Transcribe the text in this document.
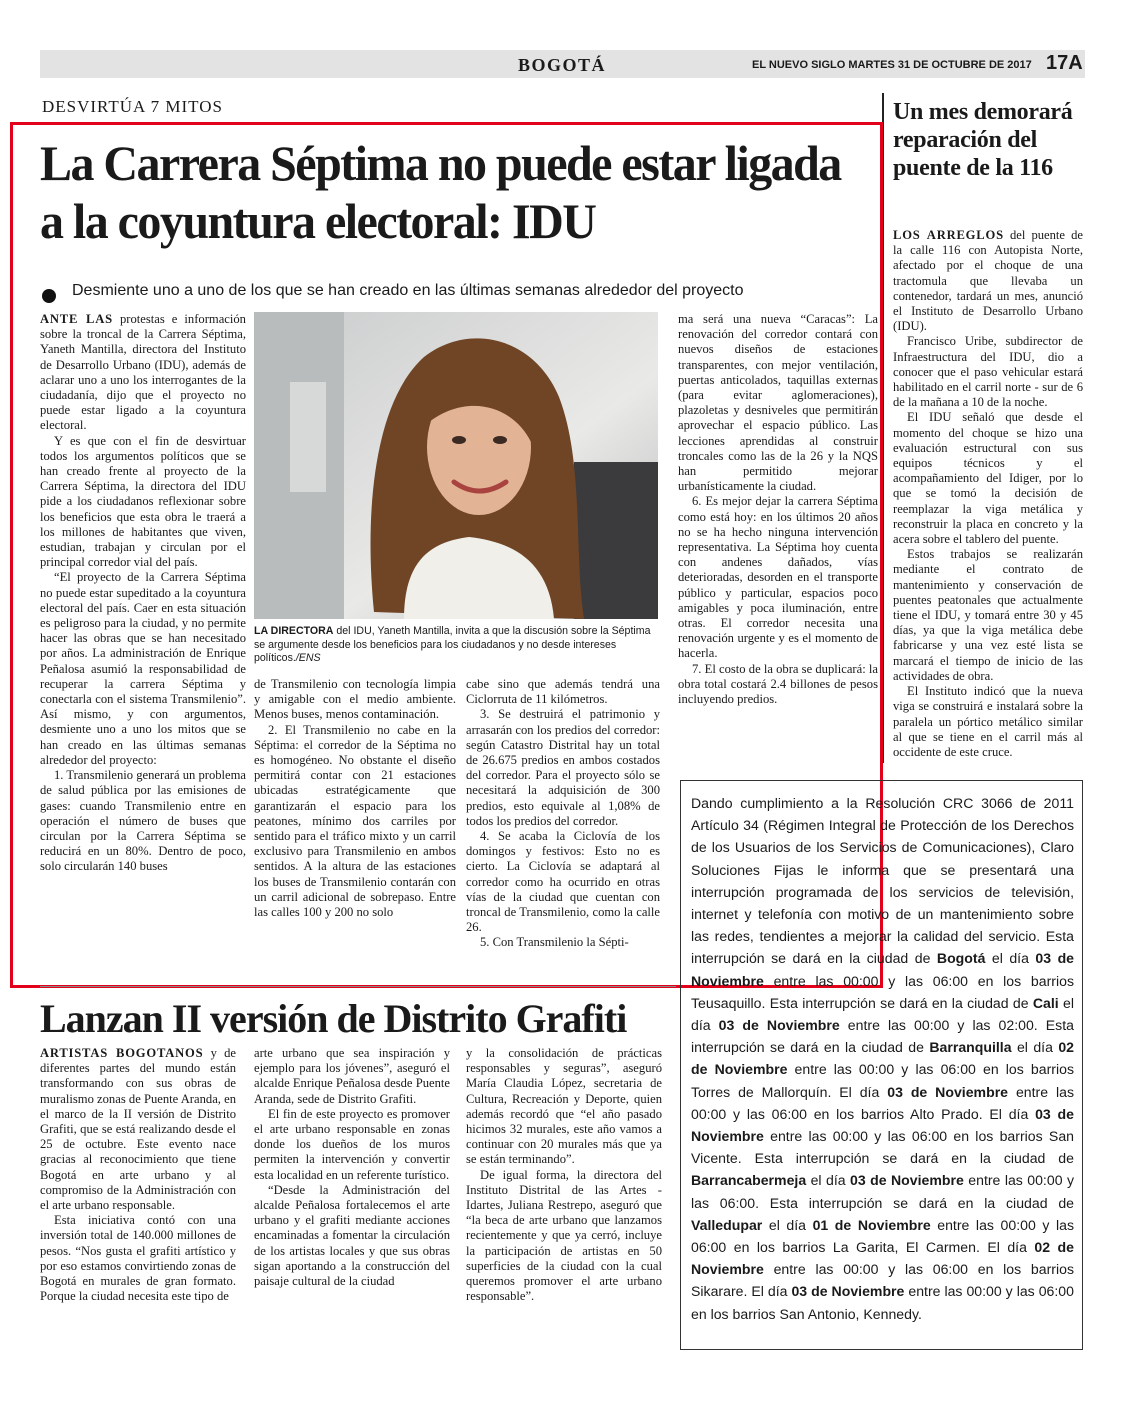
BOGOTÁ	EL NUEVO SIGLO MARTES 31 DE OCTUBRE DE 2017 17A
DESVIRTÚA 7 MITOS
La Carrera Séptima no puede estar ligada a la coyuntura electoral: IDU
Desmiente uno a uno de los que se han creado en las últimas semanas alrededor del proyecto

ANTE LAS protestas e información sobre la troncal de la Carrera Séptima, Yaneth Mantilla, directora del Instituto de Desarrollo Urbano (IDU), además de aclarar uno a uno los interrogantes de la ciudadanía, dijo que el proyecto no puede estar ligado a la coyuntura electoral.

Y es que con el fin de desvirtuar todos los argumentos políticos que se han creado frente al proyecto de la Carrera Séptima, la directora del IDU pide a los ciudadanos reflexionar sobre los beneficios que esta obra le traerá a los millones de habitantes que viven, estudian, trabajan y circulan por el principal corredor vial del país.

“El proyecto de la Carrera Séptima no puede estar supeditado a la coyuntura electoral del país. Caer en esta situación es peligroso para la ciudad, y no permite hacer las obras que se han necesitado por años. La administración de Enrique Peñalosa asumió la responsabilidad de recuperar la carrera Séptima y conectarla con el sistema Transmilenio”. Así mismo, y con argumentos, desmiente uno a uno los mitos que se han creado en las últimas semanas alrededor del proyecto:

1. Transmilenio generará un problema de salud pública por las emisiones de gases: cuando Transmilenio entre en operación el número de buses que circulan por la Carrera Séptima se reducirá en un 80%. Dentro de poco, solo circularán 140 buses

LA DIRECTORA del IDU, Yaneth Mantilla, invita a que la discusión sobre la Séptima se argumente desde los beneficios para los ciudadanos y no desde intereses políticos./ENS

de Transmilenio con tecnología limpia y amigable con el medio ambiente. Menos buses, menos contaminación.

2. El Transmilenio no cabe en la Séptima: el corredor de la Séptima no es homogéneo. No obstante el diseño permitirá contar con 21 estaciones ubicadas estratégicamente que garantizarán el espacio para los peatones, mínimo dos carriles por sentido para el tráfico mixto y un carril exclusivo para Transmilenio en ambos sentidos. A la altura de las estaciones los buses de Transmilenio contarán con un carril adicional de sobrepaso. Entre las calles 100 y 200 no solo

cabe sino que además tendrá una Ciclorruta de 11 kilómetros.

3. Se destruirá el patrimonio y arrasarán con los predios del corredor: según Catastro Distrital hay un total de 26.675 predios en ambos costados del corredor. Para el proyecto sólo se necesitará la adquisición de 300 predios, esto equivale al 1,08% de todos los predios del corredor.

4. Se acaba la Ciclovía de los domingos y festivos: Esto no es cierto. La Ciclovía se adaptará al corredor como ha ocurrido en otras vías de la ciudad que cuentan con troncal de Transmilenio, como la calle 26.

5. Con Transmilenio la Sépti-

ma será una nueva “Caracas”: La renovación del corredor contará con nuevos diseños de estaciones transparentes, con mejor ventilación, puertas anticolados, taquillas externas (para evitar aglomeraciones), plazoletas y desniveles que permitirán aprovechar el espacio público. Las lecciones aprendidas al construir troncales como las de la 26 y la NQS han permitido mejorar urbanísticamente la ciudad.

6. Es mejor dejar la carrera Séptima como está hoy: en los últimos 20 años no se ha hecho ninguna intervención representativa. La Séptima hoy cuenta con andenes dañados, vías deterioradas, desorden en el transporte público y particular, espacios poco amigables y poca iluminación, entre otras. El corredor necesita una renovación urgente y es el momento de hacerla.

7. El costo de la obra se duplicará: la obra total costará 2.4 billones de pesos incluyendo predios.

Un mes demorará reparación del puente de la 116

LOS ARREGLOS del puente de la calle 116 con Autopista Norte, afectado por el choque de una tractomula que llevaba un contenedor, tardará un mes, anunció el Instituto de Desarrollo Urbano (IDU).

Francisco Uribe, subdirector de Infraestructura del IDU, dio a conocer que el paso vehicular estará habilitado en el carril norte - sur de 6 de la mañana a 10 de la noche.

El IDU señaló que desde el momento del choque se hizo una evaluación estructural con sus equipos técnicos y el acompañamiento del Idiger, por lo que se tomó la decisión de reemplazar la viga metálica y reconstruir la placa en concreto y la acera sobre el tablero del puente.

Estos trabajos se realizarán mediante el contrato de mantenimiento y conservación de puentes peatonales que actualmente tiene el IDU, y tomará entre 30 y 45 días, ya que la viga metálica debe fabricarse y una vez esté lista se marcará el tiempo de inicio de las actividades de obra.

El Instituto indicó que la nueva viga se construirá e instalará sobre la paralela un pórtico metálico similar al que se tiene en el carril más al occidente de este cruce.

Lanzan II versión de Distrito Grafiti

ARTISTAS BOGOTANOS y de diferentes partes del mundo están transformando con sus obras de muralismo zonas de Puente Aranda, en el marco de la II versión de Distrito Grafiti, que se está realizando desde el 25 de octubre. Este evento nace gracias al reconocimiento que tiene Bogotá en arte urbano y al compromiso de la Administración con el arte urbano responsable.

Esta iniciativa contó con una inversión total de 140.000 millones de pesos. “Nos gusta el grafiti artístico y por eso estamos convirtiendo zonas de Bogotá en murales de gran formato. Porque la ciudad necesita este tipo de

arte urbano que sea inspiración y ejemplo para los jóvenes”, aseguró el alcalde Enrique Peñalosa desde Puente Aranda, sede de Distrito Grafiti.

El fin de este proyecto es promover el arte urbano responsable en zonas donde los dueños de los muros permiten la intervención y convertir esta localidad en un referente turístico.

“Desde la Administración del alcalde Peñalosa fortalecemos el arte urbano y el grafiti mediante acciones encaminadas a fomentar la circulación de los artistas locales y que sus obras sigan aportando a la construcción del paisaje cultural de la ciudad

y la consolidación de prácticas responsables y seguras”, aseguró María Claudia López, secretaria de Cultura, Recreación y Deporte, quien además recordó que “el año pasado hicimos 32 murales, este año vamos a continuar con 20 murales más que ya se están terminando”.

De igual forma, la directora del Instituto Distrital de las Artes - Idartes, Juliana Restrepo, aseguró que “la beca de arte urbano que lanzamos recientemente y que ya cerró, incluye la participación de artistas en 50 superficies de la ciudad con la cual queremos promover el arte urbano responsable”.

Dando cumplimiento a la Resolución CRC 3066 de 2011 Artículo 34 (Régimen Integral de Protección de los Derechos de los Usuarios de los Servicios de Comunicaciones), Claro Soluciones Fijas le informa que se presentará una interrupción programada de los servicios de televisión, internet y telefonía con motivo de un mantenimiento sobre las redes, tendientes a mejorar la calidad del servicio. Esta interrupción se dará en la ciudad de Bogotá el día 03 de Noviembre entre las 00:00 y las 06:00 en los barrios Teusaquillo. Esta interrupción se dará en la ciudad de Cali el día 03 de Noviembre entre las 00:00 y las 02:00. Esta interrupción se dará en la ciudad de Barranquilla el día 02 de Noviembre entre las 00:00 y las 06:00 en los barrios Torres de Mallorquín. El día 03 de Noviembre entre las 00:00 y las 06:00 en los barrios Alto Prado. El día 03 de Noviembre entre las 00:00 y las 06:00 en los barrios San Vicente. Esta interrupción se dará en la ciudad de Barrancabermeja el día 03 de Noviembre entre las 00:00 y las 06:00. Esta interrupción se dará en la ciudad de Valledupar el día 01 de Noviembre entre las 00:00 y las 06:00 en los barrios La Garita, El Carmen. El día 02 de Noviembre entre las 00:00 y las 06:00 en los barrios Sikarare. El día 03 de Noviembre entre las 00:00 y las 06:00 en los barrios San Antonio, Kennedy.
